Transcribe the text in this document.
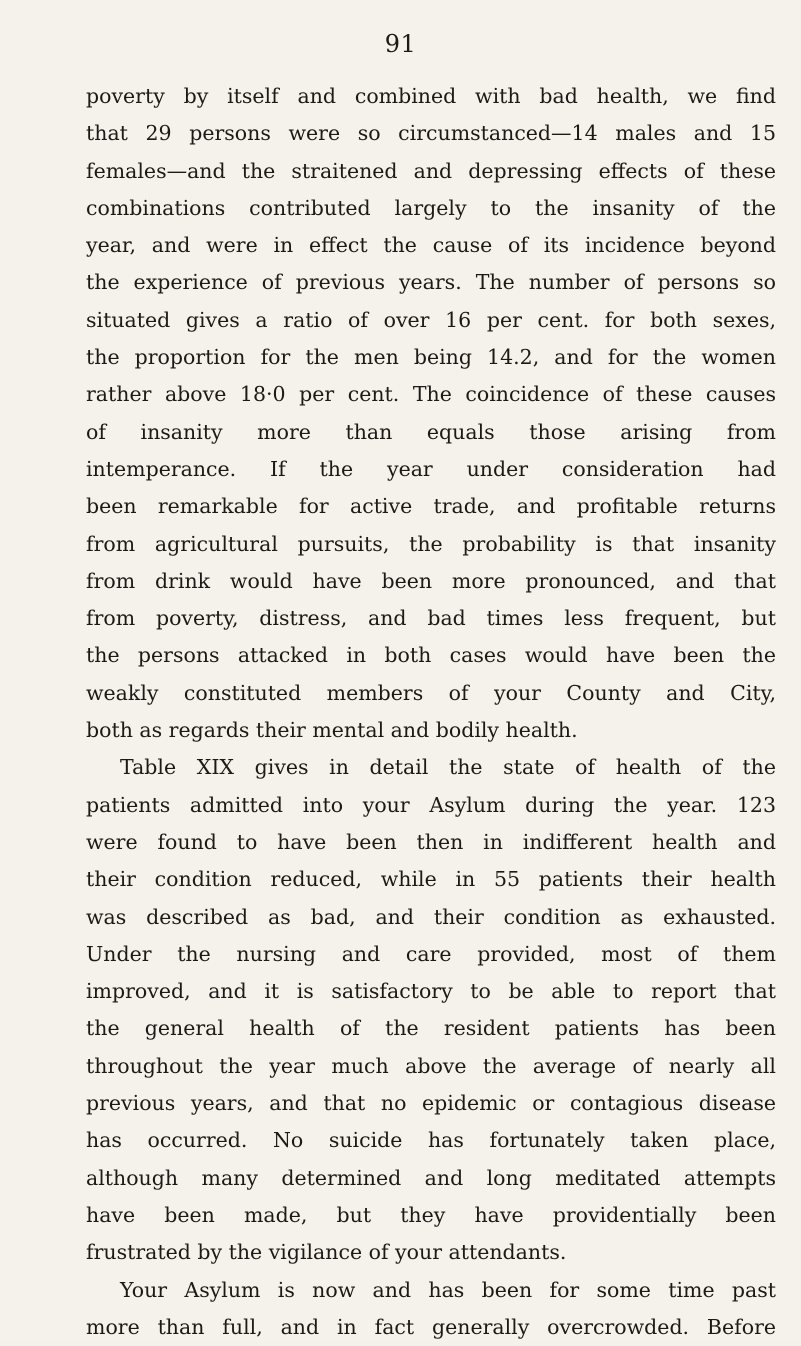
91
poverty by itself and combined with bad health, we find
that 29 persons were so circumstanced—14 males and 15
females—and the straitened and depressing effects of these
combinations contributed largely to the insanity of the
year, and were in effect the cause of its incidence beyond
the experience of previous years. The number of persons so
situated gives a ratio of over 16 per cent. for both sexes,
the proportion for the men being 14.2, and for the women
rather above 18·0 per cent. The coincidence of these causes
of insanity more than equals those arising from
intemperance. If the year under consideration had
been remarkable for active trade, and profitable returns
from agricultural pursuits, the probability is that insanity
from drink would have been more pronounced, and that
from poverty, distress, and bad times less frequent, but
the persons attacked in both cases would have been the
weakly constituted members of your County and City,
both as regards their mental and bodily health.
Table XIX gives in detail the state of health of the
patients admitted into your Asylum during the year. 123
were found to have been then in indifferent health and
their condition reduced, while in 55 patients their health
was described as bad, and their condition as exhausted.
Under the nursing and care provided, most of them
improved, and it is satisfactory to be able to report that
the general health of the resident patients has been
throughout the year much above the average of nearly all
previous years, and that no epidemic or contagious disease
has occurred. No suicide has fortunately taken place,
although many determined and long meditated attempts
have been made, but they have providentially been
frustrated by the vigilance of your attendants.
Your Asylum is now and has been for some time past
more than full, and in fact generally overcrowded. Before
